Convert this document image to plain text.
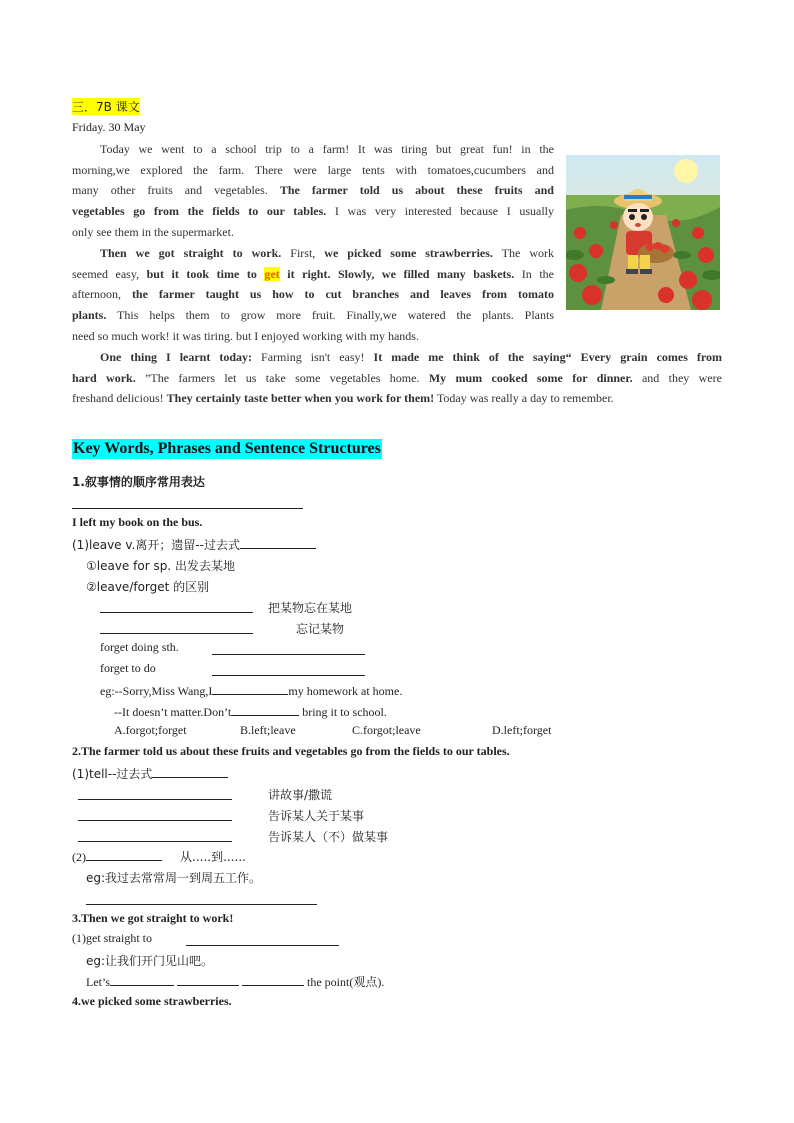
三．7B 课文
Friday. 30 May
Today we went to a school trip to a farm! It was tiring but great fun! in the
morning,we explored the farm. There were large tents with tomatoes,cucumbers and
many other fruits and vegetables. The farmer told us about these fruits and
vegetables go from the fields to our tables. I was very interested because I usually
only see them in the supermarket.
Then we got straight to work. First, we picked some strawberries. The work
seemed easy, but it took time to get it right. Slowly, we filled many baskets. In the
afternoon, the farmer taught us how to cut branches and leaves from tomato
plants. This helps them to grow more fruit. Finally,we watered the plants. Plants
need so much work! it was tiring. but I enjoyed working with my hands.
One thing I learnt today: Farming isn't easy! It made me think of the saying“ Every grain comes from
hard work. ”The farmers let us take some vegetables home. My mum cooked some for dinner. and they were
freshand delicious! They certainly taste better when you work for them! Today was really a day to remember.
Key Words, Phrases and Sentence Structures
1.叙事情的顺序常用表达
I left my book on the bus.
(1)leave v.离开；遗留--过去式
①leave for sp. 出发去某地
②leave/forget 的区别
把某物忘在某地
忘记某物
forget doing sth.
forget to do
eg:--Sorry,Miss Wang,I	my homework at home.
--It doesn’t matter.Don’t	bring it to school.
A.forgot;forget	B.left;leave	C.forgot;leave	D.left;forget
2.The farmer told us about these fruits and vegetables go from the fields to our tables.
(1)tell--过去式
讲故事/撒谎
告诉某人关于某事
告诉某人（不）做某事
(2)	从.....到......
eg:我过去常常周一到周五工作。
3.Then we got straight to work!
(1)get straight to
eg:让我们开门见山吧。
Let’s	the point(观点).
4.we picked some strawberries.
